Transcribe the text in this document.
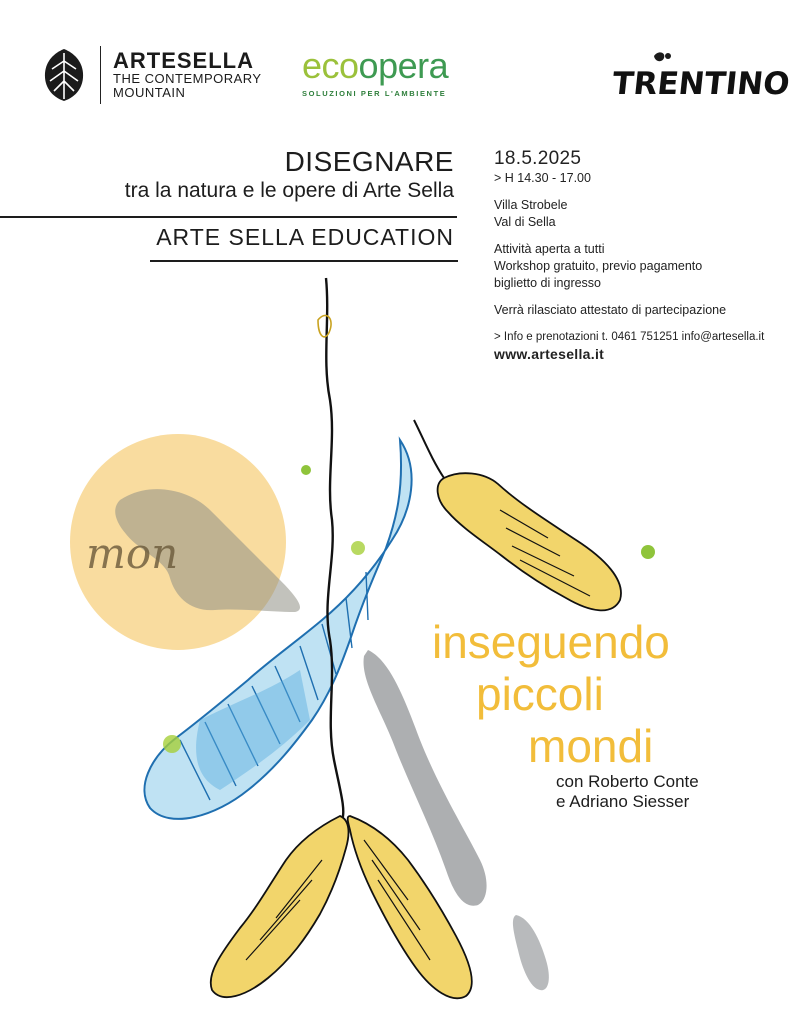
ARTESELLA
THE CONTEMPORARY
MOUNTAIN
ecoopera
SOLUZIONI PER L'AMBIENTE	TRENTINO
DISEGNARE
tra la natura e le opere di Arte Sella
ARTE SELLA EDUCATION

18.5.2025

> H 14.30 - 17.00

Villa Strobele

Val di Sella

Attività aperta a tutti

Workshop gratuito, previo pagamento

biglietto di ingresso

Verrà rilasciato attestato di partecipazione

> Info e prenotazioni t. 0461 751251 info@artesella.it

www.artesella.it

mon
inseguendo
piccoli
mondi
con Roberto Conte
e Adriano Siesser
